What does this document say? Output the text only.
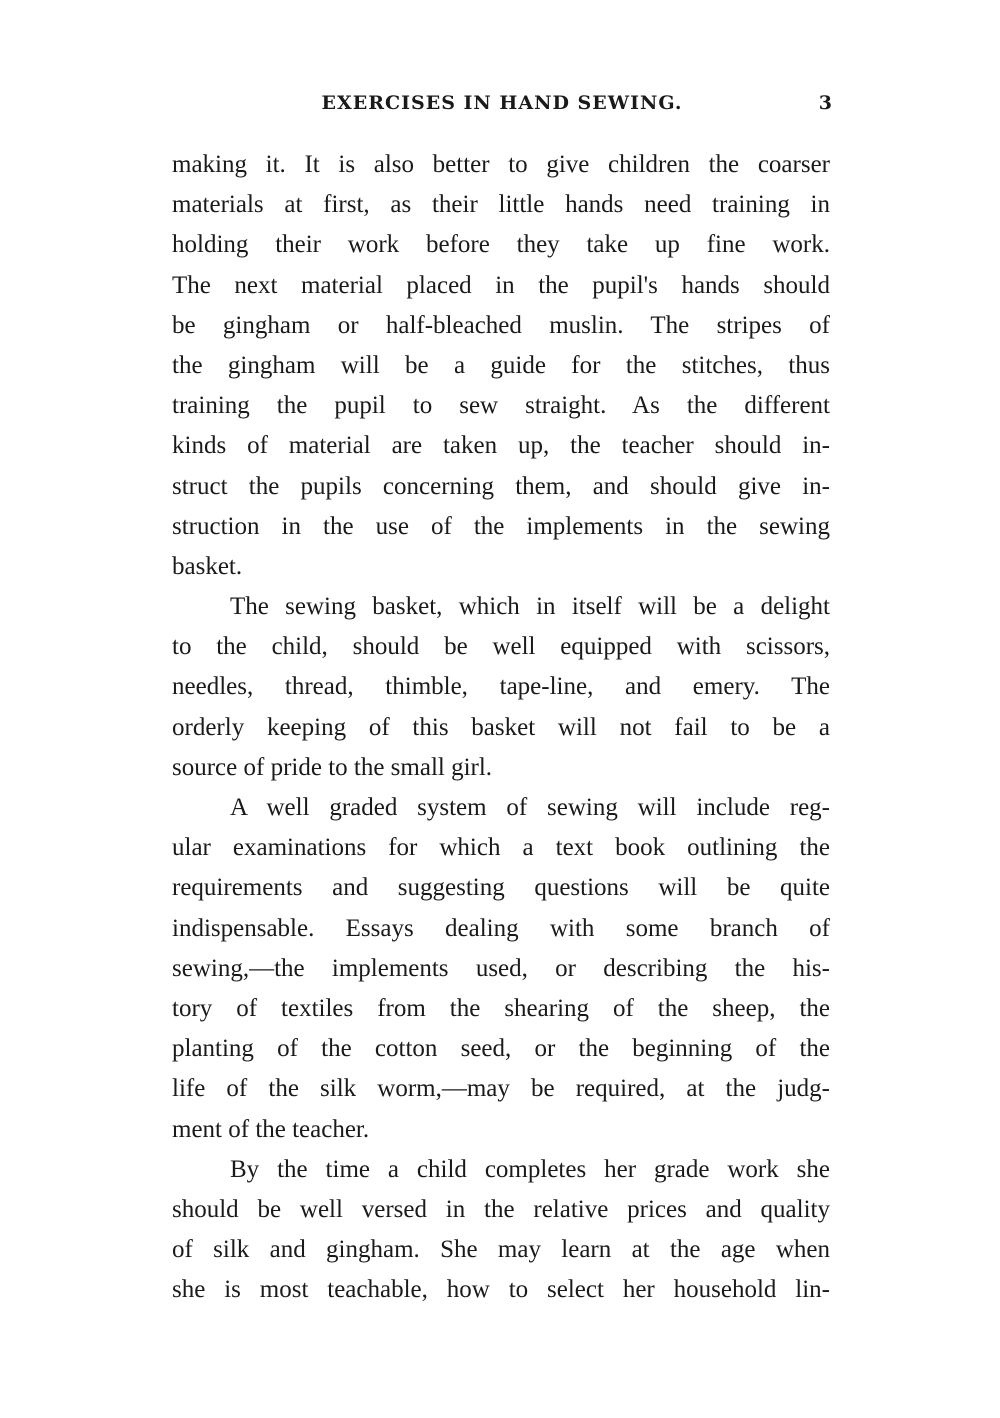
EXERCISES IN HAND SEWING.	3
making it. It is also better to give children the coarser
materials at first, as their little hands need training in
holding their work before they take up fine work.
The next material placed in the pupil's hands should
be gingham or half-bleached muslin. The stripes of
the gingham will be a guide for the stitches, thus
training the pupil to sew straight. As the different
kinds of material are taken up, the teacher should in-
struct the pupils concerning them, and should give in-
struction in the use of the implements in the sewing
basket.
The sewing basket, which in itself will be a delight
to the child, should be well equipped with scissors,
needles, thread, thimble, tape-line, and emery. The
orderly keeping of this basket will not fail to be a
source of pride to the small girl.
A well graded system of sewing will include reg-
ular examinations for which a text book outlining the
requirements and suggesting questions will be quite
indispensable. Essays dealing with some branch of
sewing,—the implements used, or describing the his-
tory of textiles from the shearing of the sheep, the
planting of the cotton seed, or the beginning of the
life of the silk worm,—may be required, at the judg-
ment of the teacher.
By the time a child completes her grade work she
should be well versed in the relative prices and quality
of silk and gingham. She may learn at the age when
she is most teachable, how to select her household lin-
